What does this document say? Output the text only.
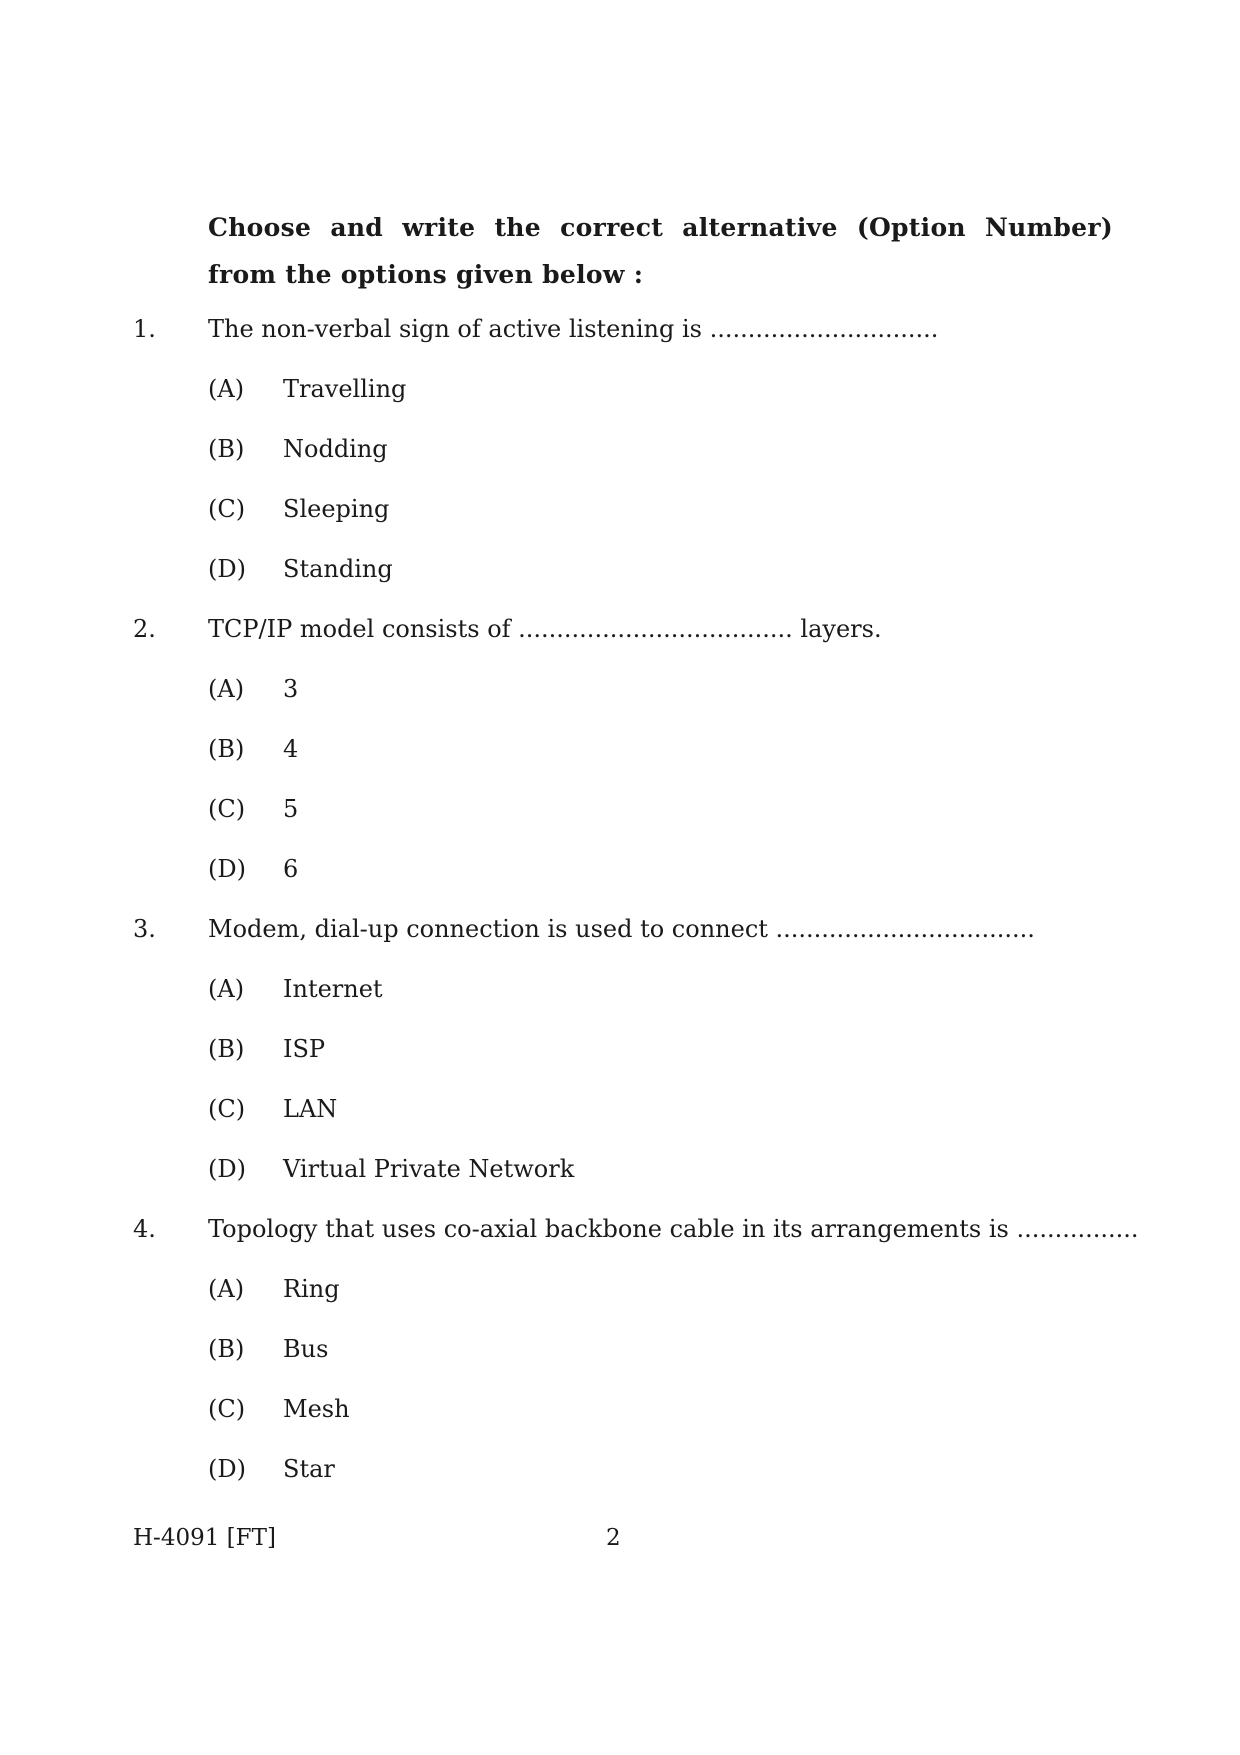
Choose and write the correct alternative (Option Number) from the options given below :
1. The non-verbal sign of active listening is ..............................
(A) Travelling
(B) Nodding
(C) Sleeping
(D) Standing
2. TCP/IP model consists of .................................... layers.
(A) 3
(B) 4
(C) 5
(D) 6
3. Modem, dial-up connection is used to connect ..................................
(A) Internet
(B) ISP
(C) LAN
(D) Virtual Private Network
4. Topology that uses co-axial backbone cable in its arrangements is ................
(A) Ring
(B) Bus
(C) Mesh
(D) Star
H-4091 [FT]	2
